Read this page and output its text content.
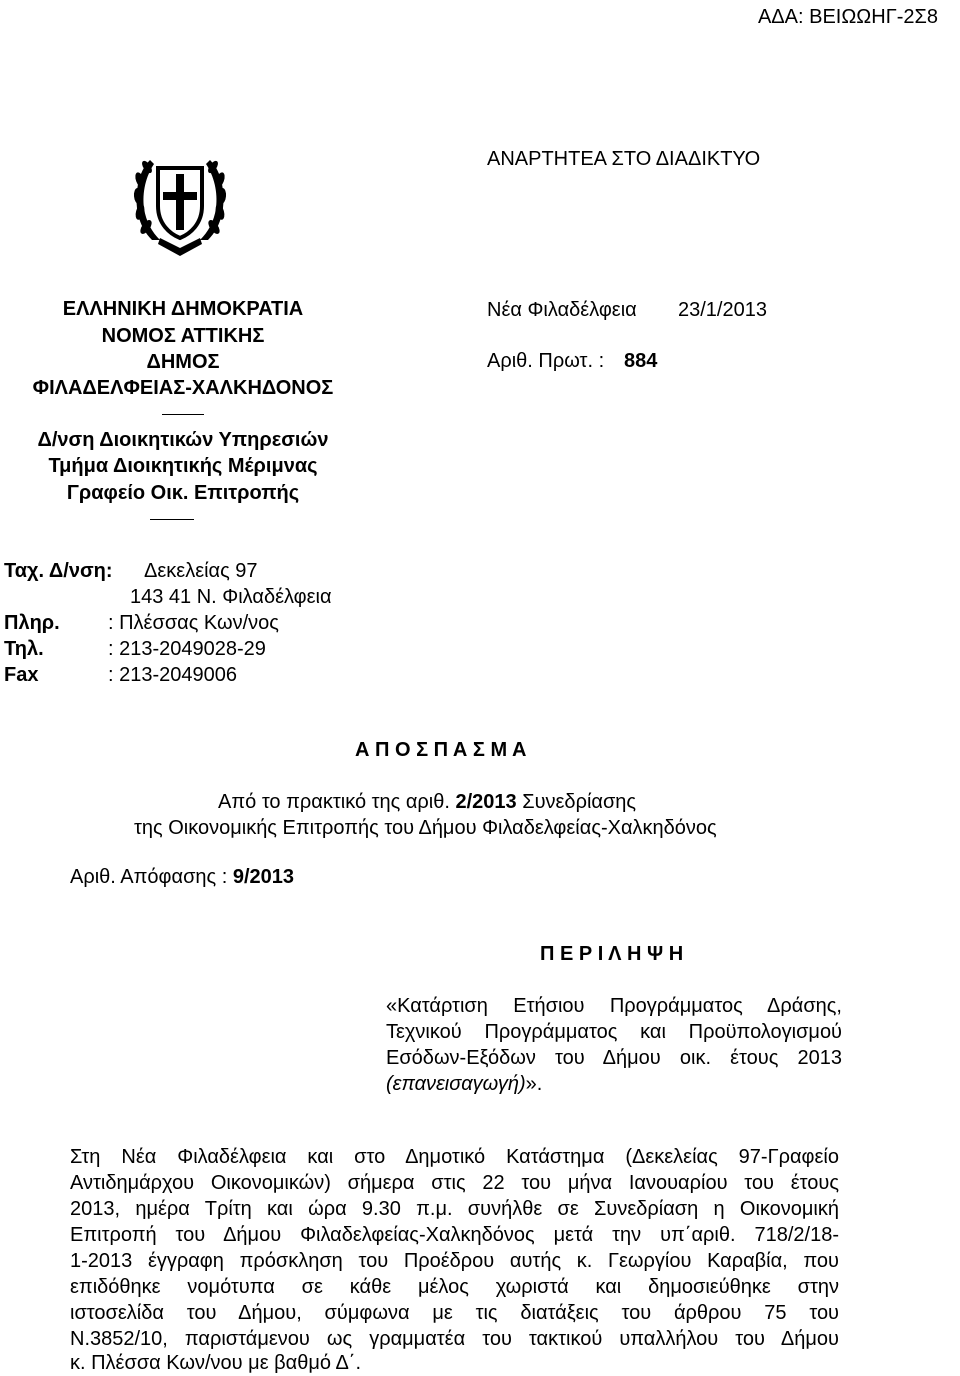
ΑΔΑ: ΒΕΙΩΩΗΓ-2Σ8
ΑΝΑΡΤΗΤΕΑ ΣΤΟ ΔΙΑΔΙΚΤΥΟ
ΕΛΛΗΝΙΚΗ ΔΗΜΟΚΡΑΤΙΑ
ΝΟΜΟΣ ΑΤΤΙΚΗΣ
ΔΗΜΟΣ
ΦΙΛΑΔΕΛΦΕΙΑΣ-ΧΑΛΚΗΔΟΝΟΣ
Δ/νση Διοικητικών Υπηρεσιών
Τμήμα Διοικητικής Μέριμνας
Γραφείο Οικ. Επιτροπής
Νέα Φιλαδέλφεια 23/1/2013
Αριθ. Πρωτ. : 884
Ταχ. Δ/νση: Δεκελείας 97
143 41 Ν. Φιλαδέλφεια
Πληρ. : Πλέσσας Κων/νος
Τηλ.	: 213-2049028-29
Fax	: 213-2049006
Α Π Ο Σ Π Α Σ Μ Α
Από το πρακτικό της αριθ. 2/2013 Συνεδρίασης
της Οικονομικής Επιτροπής του Δήμου Φιλαδελφείας-Χαλκηδόνος
Αριθ. Απόφασης : 9/2013
Π Ε Ρ Ι Λ Η Ψ Η
«Κατάρτιση Ετήσιου Προγράμματος Δράσης,
Τεχνικού Προγράμματος και Προϋπολογισμού
Εσόδων-Εξόδων του Δήμου οικ. έτους 2013
(επανεισαγωγή)».
Στη Νέα Φιλαδέλφεια και στο Δημοτικό Κατάστημα (Δεκελείας 97-Γραφείο
Αντιδημάρχου Οικονομικών) σήμερα στις 22 του μήνα Ιανουαρίου του έτους
2013, ημέρα Τρίτη και ώρα 9.30 π.μ. συνήλθε σε Συνεδρίαση η Οικονομική
Επιτροπή του Δήμου Φιλαδελφείας-Χαλκηδόνος μετά την υπ΄αριθ. 718/2/18-
1-2013 έγγραφη πρόσκληση του Προέδρου αυτής κ. Γεωργίου Καραβία, που
επιδόθηκε νομότυπα σε κάθε μέλος χωριστά και δημοσιεύθηκε στην
ιστοσελίδα του Δήμου, σύμφωνα με τις διατάξεις του άρθρου 75 του
Ν.3852/10, παριστάμενου ως γραμματέα του τακτικού υπαλλήλου του Δήμου
κ. Πλέσσα Κων/νου με βαθμό Δ΄.
